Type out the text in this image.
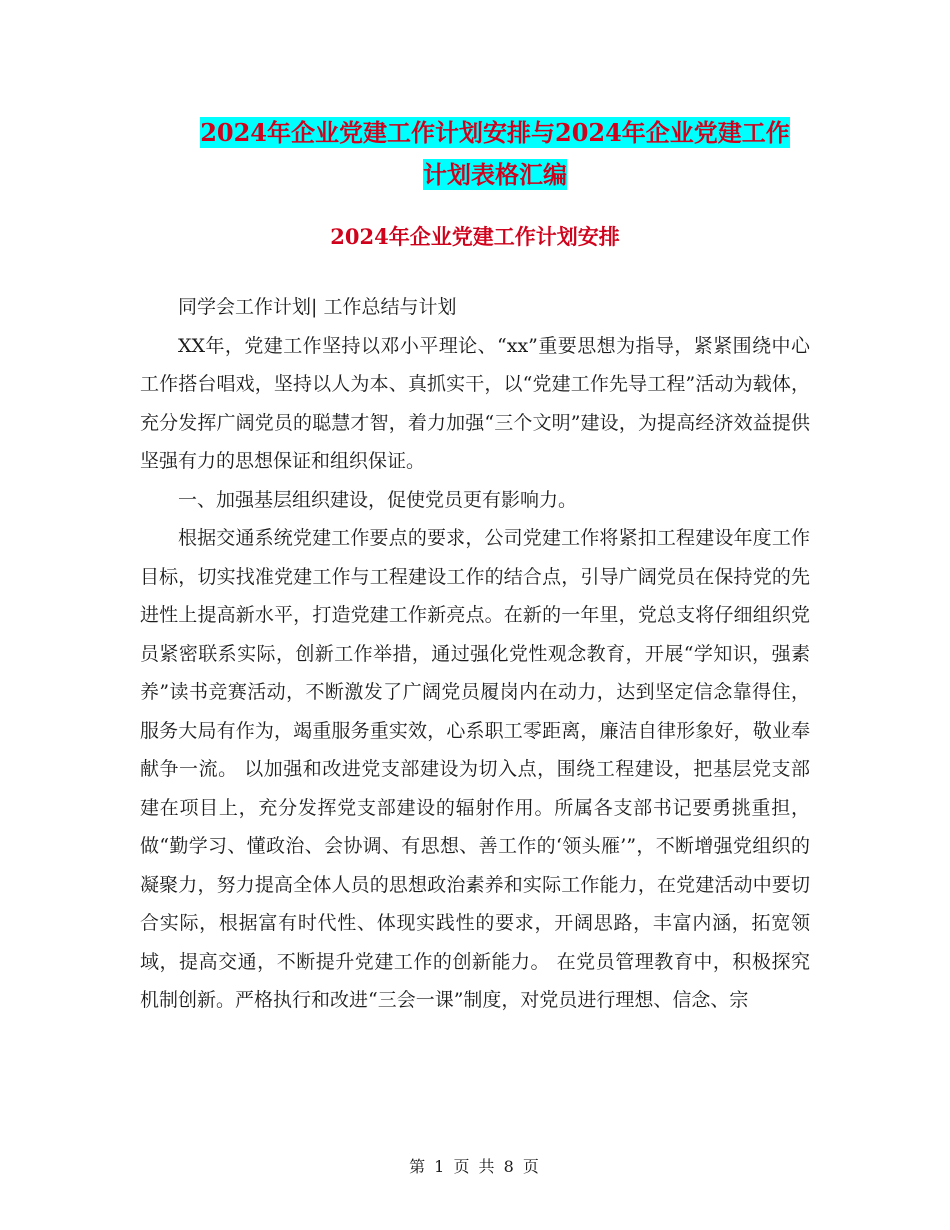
2024年企业党建工作计划安排与2024年企业党建工作
计划表格汇编
2024年企业党建工作计划安排

同学会工作计划| 工作总结与计划

XX年，党建工作坚持以邓小平理论、“xx”重要思想为指导，紧紧围绕中心工作搭台唱戏，坚持以人为本、真抓实干，以“党建工作先导工程”活动为载体，充分发挥广阔党员的聪慧才智，着力加强“三个文明”建设，为提高经济效益提供坚强有力的思想保证和组织保证。

一、加强基层组织建设，促使党员更有影响力。

根据交通系统党建工作要点的要求，公司党建工作将紧扣工程建设年度工作目标，切实找准党建工作与工程建设工作的结合点，引导广阔党员在保持党的先进性上提高新水平，打造党建工作新亮点。在新的一年里，党总支将仔细组织党员紧密联系实际，创新工作举措，通过强化党性观念教育，开展“学知识，强素养”读书竞赛活动，不断激发了广阔党员履岗内在动力，达到坚定信念靠得住，服务大局有作为，竭重服务重实效，心系职工零距离，廉洁自律形象好，敬业奉献争一流。 以加强和改进党支部建设为切入点，围绕工程建设，把基层党支部建在项目上，充分发挥党支部建设的辐射作用。所属各支部书记要勇挑重担，做“勤学习、懂政治、会协调、有思想、善工作的‘领头雁’”，不断增强党组织的凝聚力，努力提高全体人员的思想政治素养和实际工作能力，在党建活动中要切合实际，根据富有时代性、体现实践性的要求，开阔思路，丰富内涵，拓宽领域，提高交通，不断提升党建工作的创新能力。 在党员管理教育中，积极探究机制创新。严格执行和改进“三会一课”制度，对党员进行理想、信念、宗

第 1 页 共 8 页
